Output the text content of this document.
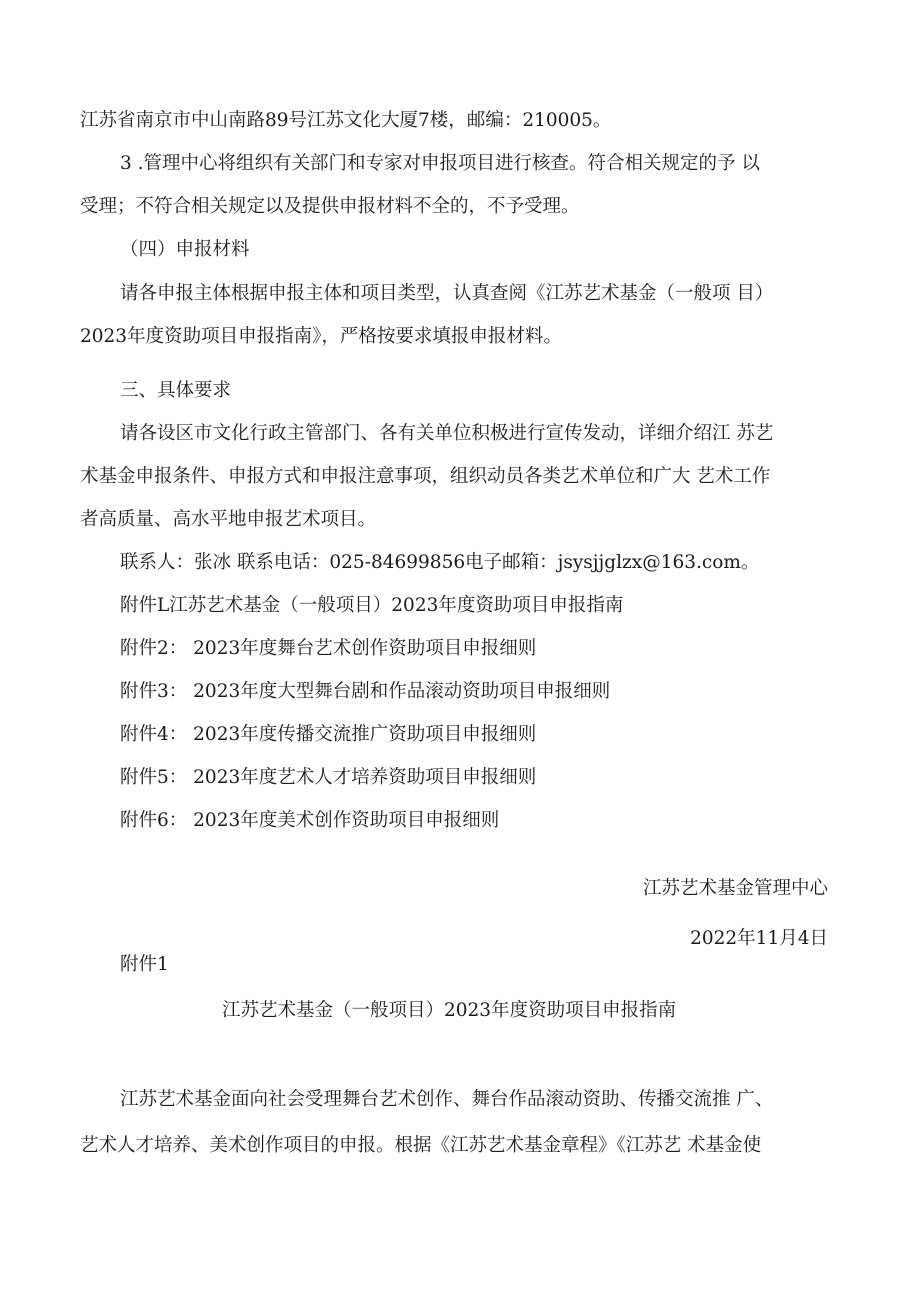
江苏省南京市中山南路89号江苏文化大厦7楼，邮编：210005。
3 .管理中心将组织有关部门和专家对申报项目进行核查。符合相关规定的予 以
受理；不符合相关规定以及提供申报材料不全的，不予受理。
（四）申报材料
请各申报主体根据申报主体和项目类型，认真查阅《江苏艺术基金（一般项 目）
2023年度资助项目申报指南》，严格按要求填报申报材料。
三、具体要求
请各设区市文化行政主管部门、各有关单位积极进行宣传发动，详细介绍江 苏艺
术基金申报条件、申报方式和申报注意事项，组织动员各类艺术单位和广大 艺术工作
者高质量、高水平地申报艺术项目。
联系人：张冰 联系电话：025-84699856电子邮箱：jsysjjglzx@163.com。
附件L江苏艺术基金（一般项目）2023年度资助项目申报指南
附件2： 2023年度舞台艺术创作资助项目申报细则
附件3： 2023年度大型舞台剧和作品滚动资助项目申报细则
附件4： 2023年度传播交流推广资助项目申报细则
附件5： 2023年度艺术人才培养资助项目申报细则
附件6： 2023年度美术创作资助项目申报细则
江苏艺术基金管理中心
2022年11月4日
附件1
江苏艺术基金（一般项目）2023年度资助项目申报指南
江苏艺术基金面向社会受理舞台艺术创作、舞台作品滚动资助、传播交流推 广、
艺术人才培养、美术创作项目的申报。根据《江苏艺术基金章程》《江苏艺 术基金使
